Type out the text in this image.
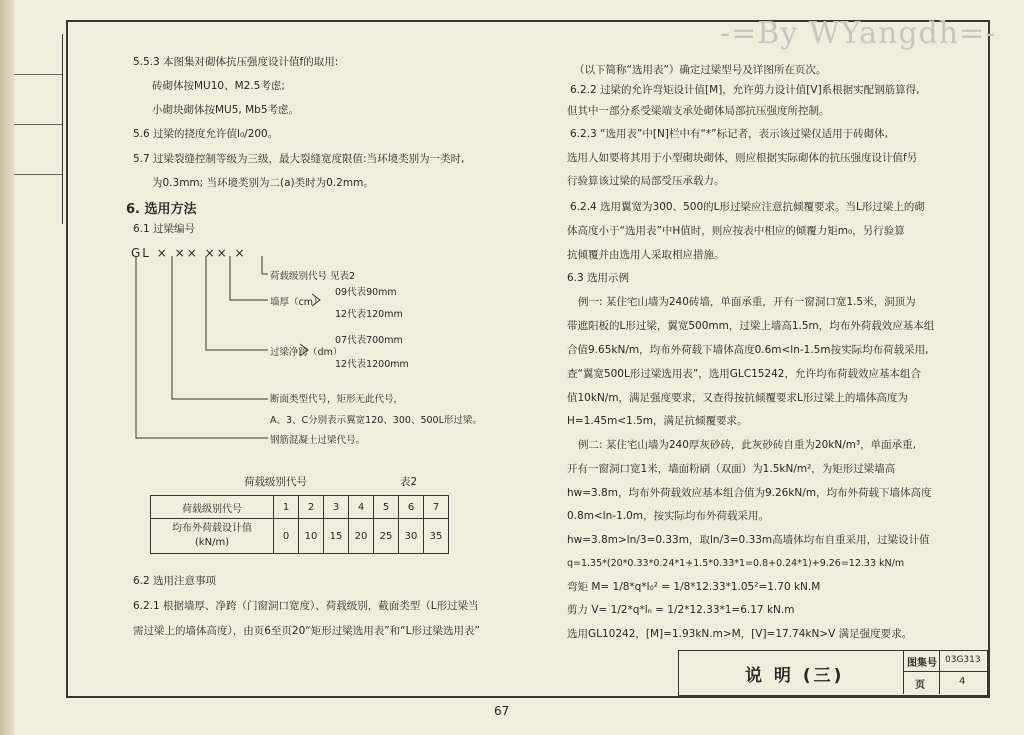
-=By WYangdh=-
5.5.3 本图集对砌体抗压强度设计值f的取用:
砖砌体按MU10、M2.5考虑;
小砌块砌体按MU5, Mb5考虑。
5.6 过梁的挠度允许值l₀/200。
5.7 过梁裂缝控制等级为三级，最大裂缝宽度限值:当环境类别为一类时,
为0.3mm; 当环境类别为二(a)类时为0.2mm。
6. 选用方法
6.1 过梁编号
GL × ×× ×× ×
荷载级别代号 见表2
墙厚（cm）
09代表90mm
12代表120mm
过梁净跨（dm）
07代表700mm
12代表1200mm
断面类型代号，矩形无此代号，
A、3、C分别表示翼宽120、300、500L形过梁。
钢筋混凝土过梁代号。
荷载级别代号	表2
荷载级别代号	1	2	3	4	5	6	7
均布外荷载设计值
(kN/m)	0	10	15	20	25	30	35
6.2 选用注意事项
6.2.1 根据墙厚、净跨（门窗洞口宽度）、荷载级别，截面类型（L形过梁当
需过梁上的墙体高度），由页6至页20“矩形过梁选用表”和“L形过梁选用表”
（以下简称“选用表”）确定过梁型号及详图所在页次。
6.2.2 过梁的允许弯矩设计值[M]，允许剪力设计值[V]系根据实配钢筋算得,
但其中一部分系受梁端支承处砌体局部抗压强度所控制。
6.2.3 “选用表”中[N]栏中有“*”标记者，表示该过梁仅适用于砖砌体,
选用人如要将其用于小型砌块砌体，则应根据实际砌体的抗压强度设计值f另
行验算该过梁的局部受压承载力。
6.2.4 选用翼宽为300、500的L形过梁应注意抗倾覆要求。当L形过梁上的砌
体高度小于“选用表”中H值时，则应按表中相应的倾覆力矩m₀，另行验算
抗倾覆并由选用人采取相应措施。
6.3 选用示例
例一: 某住宅山墙为240砖墙，单面承重，开有一窗洞口宽1.5米，洞顶为
带遮阳板的L形过梁，翼宽500mm，过梁上墙高1.5m，均布外荷载效应基本组
合值9.65kN/m，均布外荷载下墙体高度0.6m<ln-1.5m按实际均布荷载采用,
查“翼宽500L形过梁选用表”，选用GLC15242，允许均布荷载效应基本组合
值10kN/m，满足强度要求，又查得按抗倾覆要求L形过梁上的墙体高度为
H=1.45m<1.5m，满足抗倾覆要求。
例二: 某住宅山墙为240厚灰砂砖，此灰砂砖自重为20kN/m³，单面承重,
开有一窗洞口宽1米，墙面粉刷（双面）为1.5kN/m²，为矩形过梁墙高
hw=3.8m，均布外荷载效应基本组合值为9.26kN/m，均布外荷载下墙体高度
0.8m<ln-1.0m，按实际均布外荷载采用。
hw=3.8m>ln/3=0.33m，取ln/3=0.33m高墙体均布自重采用，过梁设计值
q=1.35*(20*0.33*0.24*1+1.5*0.33*1=0.8+0.24*1)+9.26=12.33 kN/m
弯矩 M= 1/8*q*l₀² = 1/8*12.33*1.05²=1.70 kN.M
剪力 V= 1/2*q*lₙ = 1/2*12.33*1=6.17 kN.m
选用GL10242，[M]=1.93kN.m>M，[V]=17.74kN>V 满足强度要求。
说 明 (三)
图集号 03G313
页	4
67
